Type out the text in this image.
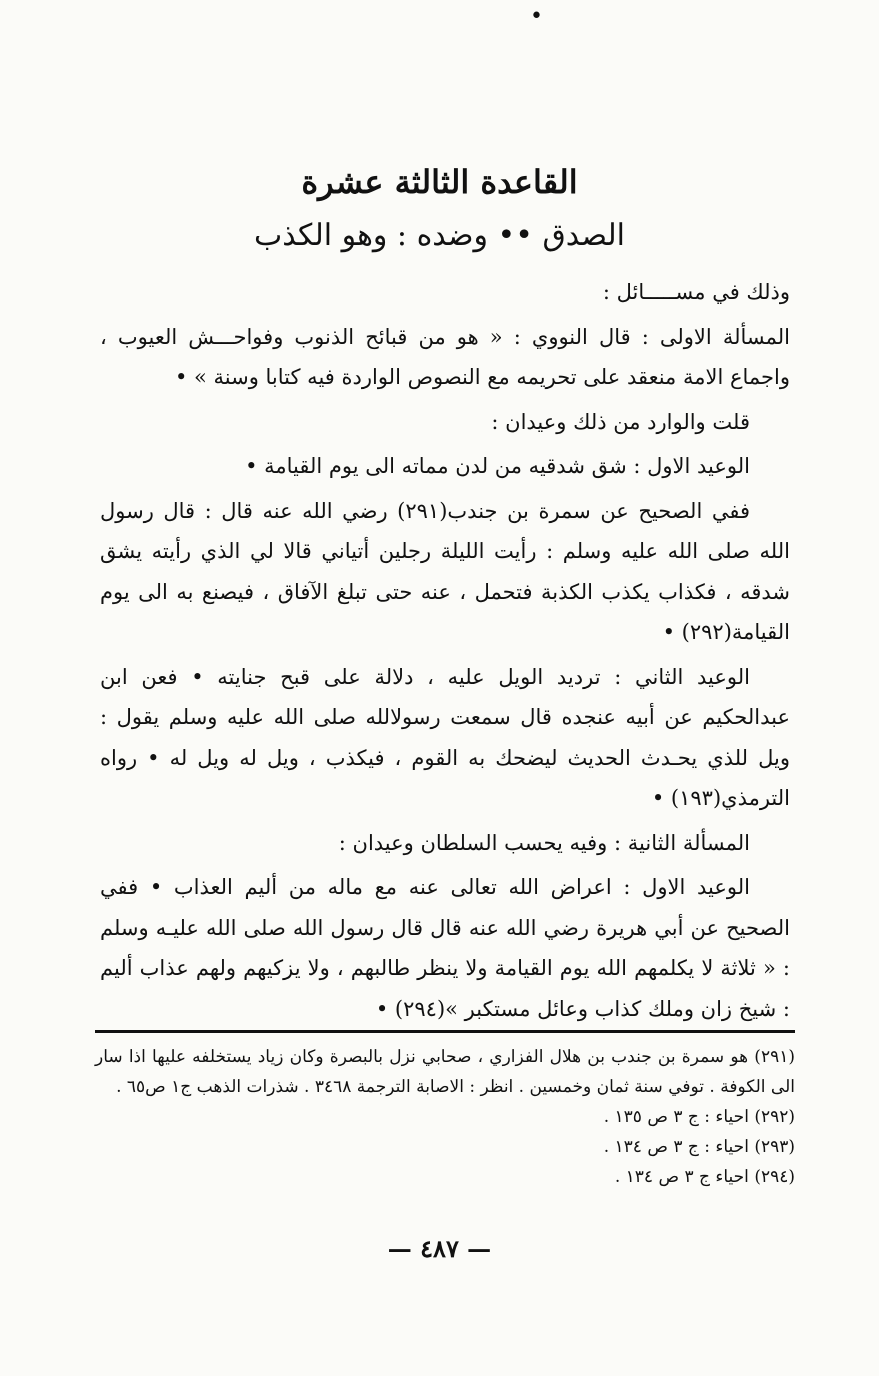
•
القاعدة الثالثة عشرة
الصدق •• وضده : وهو الكذب

وذلك في مســـــائل :

المسألة الاولى : قال النووي : « هو من قبائح الذنوب وفواحـــش العيوب ، واجماع الامة منعقد على تحريمه مع النصوص الواردة فيه كتابا وسنة » •

قلت والوارد من ذلك وعيدان :

الوعيد الاول : شق شدقيه من لدن مماته الى يوم القيامة •

ففي الصحيح عن سمرة بن جندب(٢٩١) رضي الله عنه قال : قال رسول الله صلى الله عليه وسلم : رأيت الليلة رجلين أتياني قالا لي الذي رأيته يشق شدقه ، فكذاب يكذب الكذبة فتحمل ، عنه حتى تبلغ الآفاق ، فيصنع به الى يوم القيامة(٢٩٢) •

الوعيد الثاني : ترديد الويل عليه ، دلالة على قبح جنايته • فعن ابن عبدالحكيم عن أبيه عنجده قال سمعت رسولالله صلى الله عليه وسلم يقول : ويل للذي يحـدث الحديث ليضحك به القوم ، فيكذب ، ويل له ويل له • رواه الترمذي(١٩٣) •

المسألة الثانية : وفيه يحسب السلطان وعيدان :

الوعيد الاول : اعراض الله تعالى عنه مع ماله من أليم العذاب • ففي الصحيح عن أبي هريرة رضي الله عنه قال قال رسول الله صلى الله عليـه وسلم : « ثلاثة لا يكلمهم الله يوم القيامة ولا ينظر طالبهم ، ولا يزكيهم ولهم عذاب أليم : شيخ زان وملك كذاب وعائل مستكبر »(٢٩٤) •

(٢٩١) هو سمرة بن جندب بن هلال الفزاري ، صحابي نزل بالبصرة وكان زياد يستخلفه عليها اذا سار الى الكوفة . توفي سنة ثمان وخمسين . انظر : الاصابة الترجمة ٣٤٦٨ . شذرات الذهب ج١ ص٦٥ .

(٢٩٢) احياء : ج ٣ ص ١٣٥ .

(٢٩٣) احياء : ج ٣ ص ١٣٤ .

(٢٩٤) احياء ج ٣ ص ١٣٤ .

— ٤٨٧ —
